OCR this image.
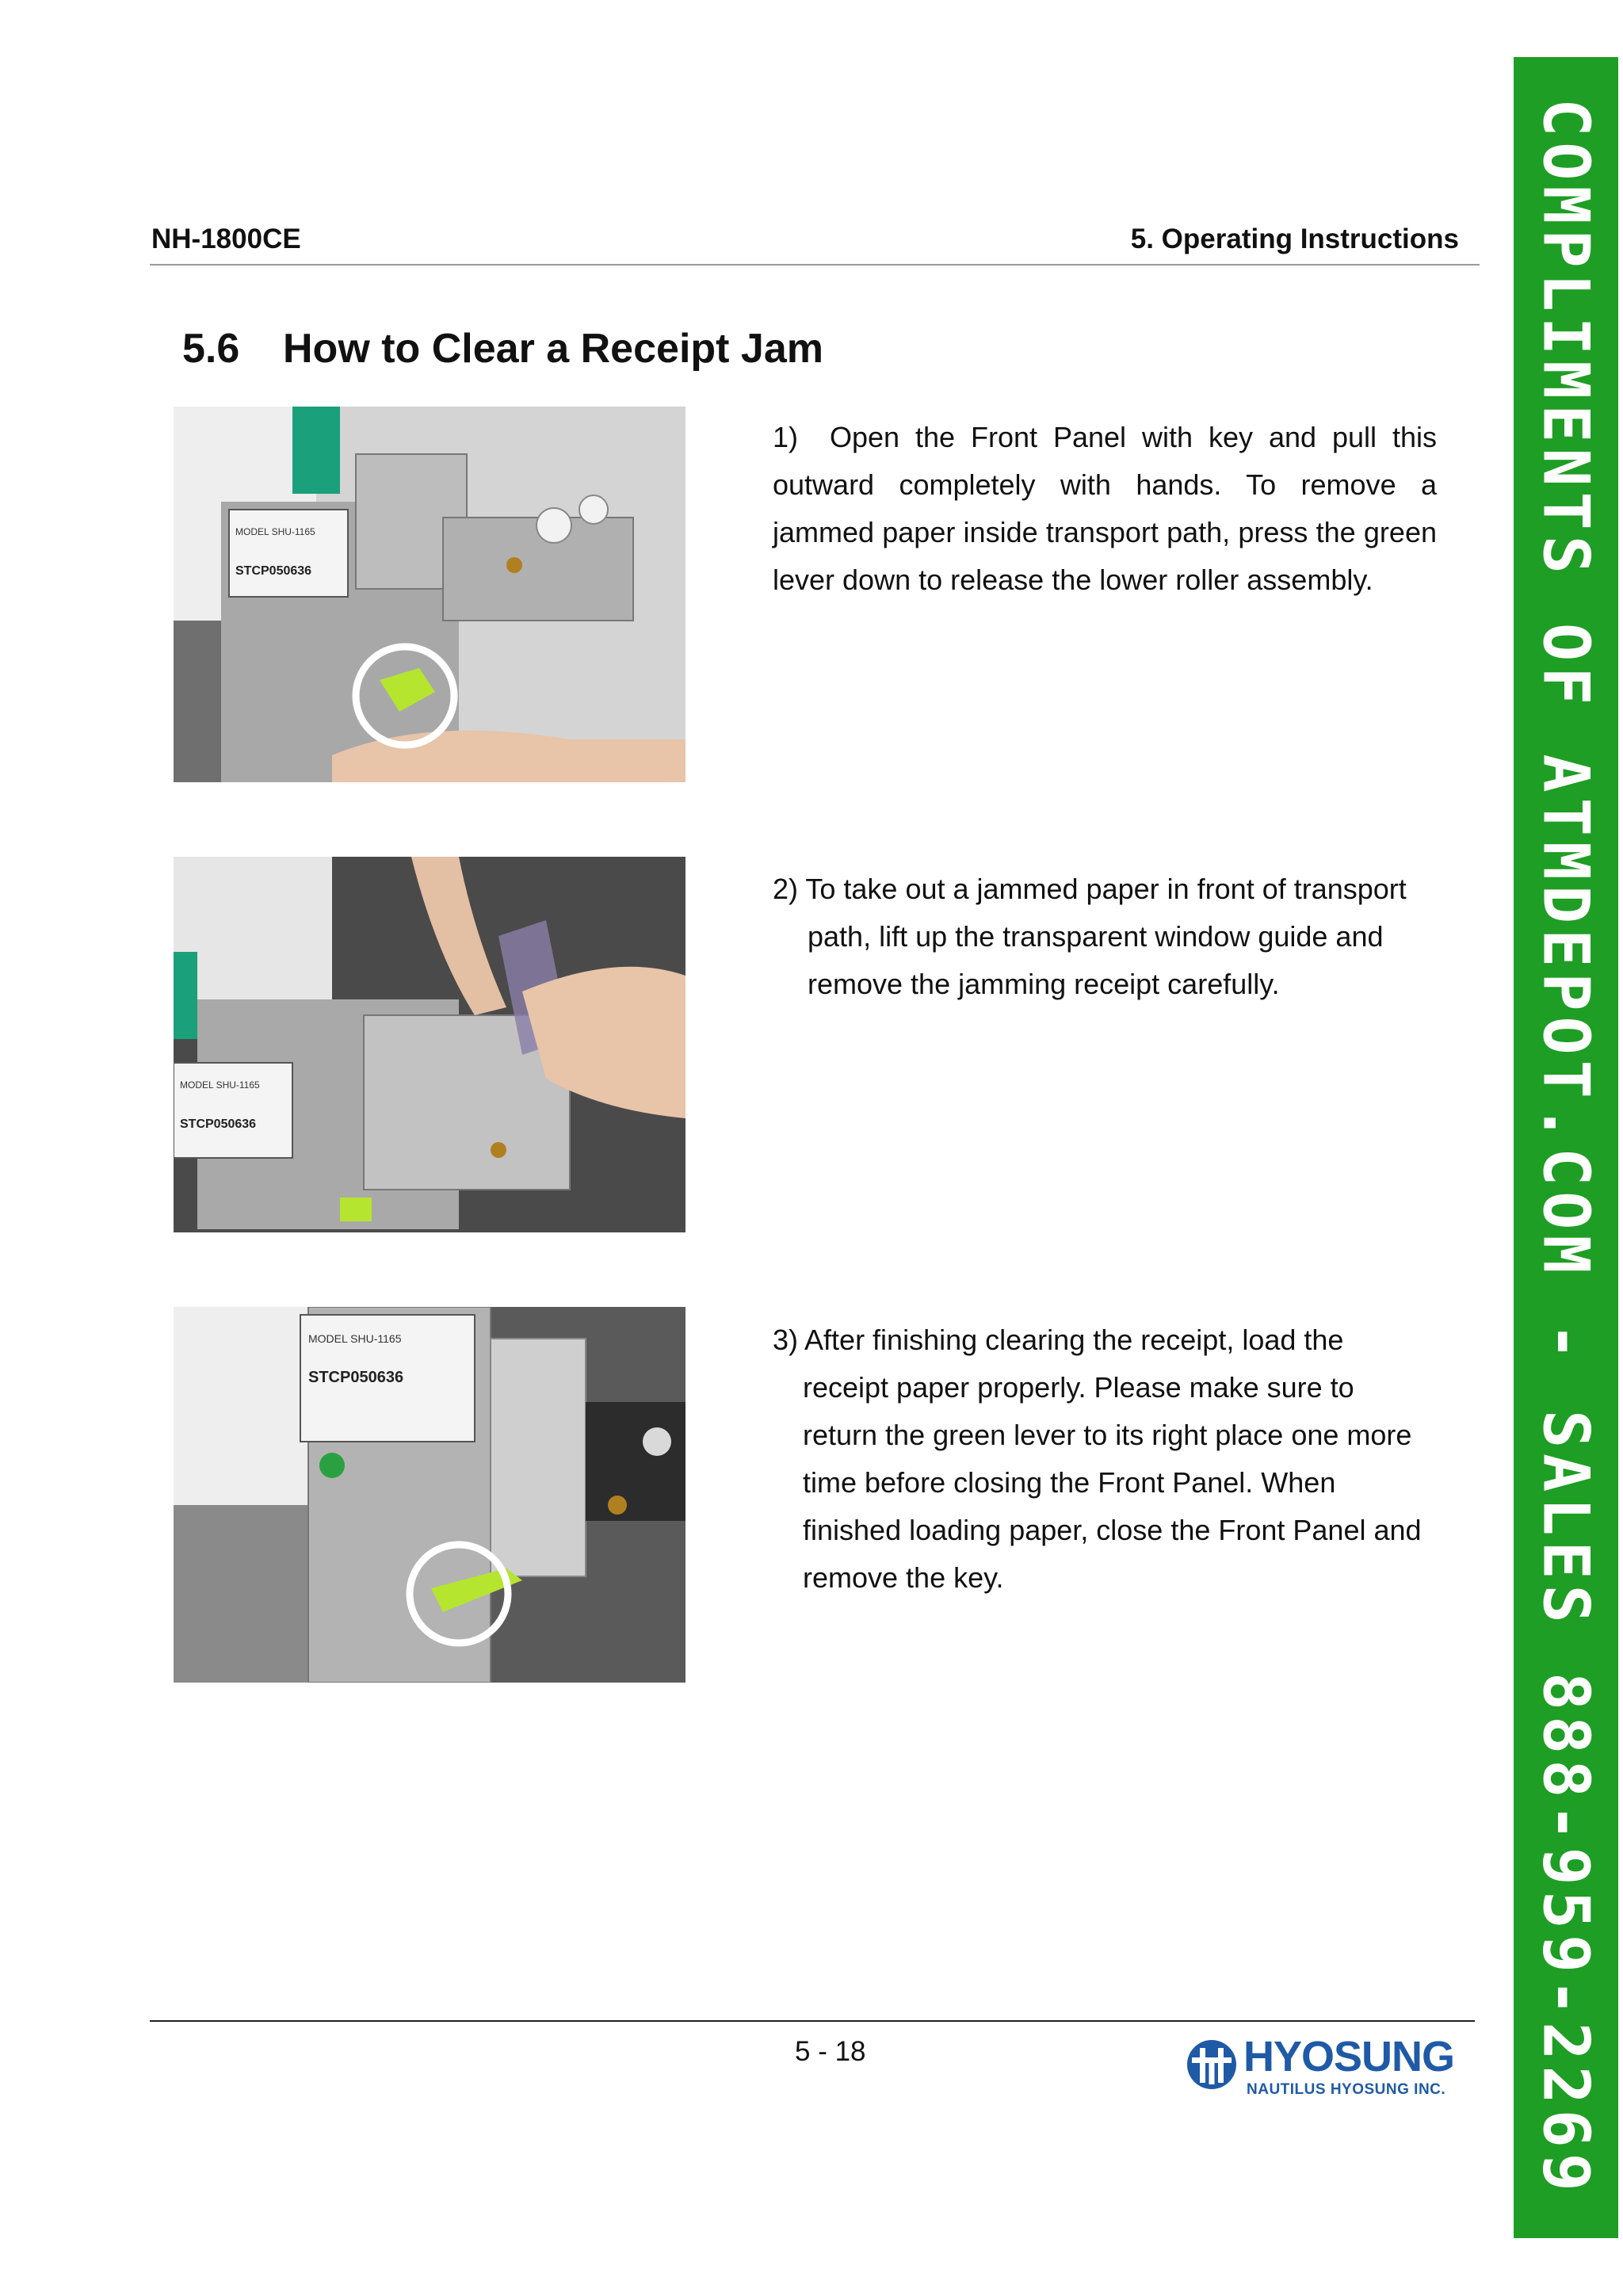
NH-1800CE	5. Operating Instructions
5.6 How to Clear a Receipt Jam
MODEL SHU-1165
STCP050636

1) Open the Front Panel with key and pull this outward completely with hands. To remove a jammed paper inside transport path, press the green lever down to release the lower roller assembly.

MODEL SHU-1165
STCP050636

2) To take out a jammed paper in front of transport

path, lift up the transparent window guide and

remove the jamming receipt carefully.

MODEL SHU-1165
STCP050636

3) After finishing clearing the receipt, load the

receipt paper properly. Please make sure to

return the green lever to its right place one more

time before closing the Front Panel. When

finished loading paper, close the Front Panel and

remove the key.

5 - 18	HYOSUNG
NAUTILUS HYOSUNG INC. COMPLIMENTS OF ATMDEPOT.COM - SALES 888-959-2269
